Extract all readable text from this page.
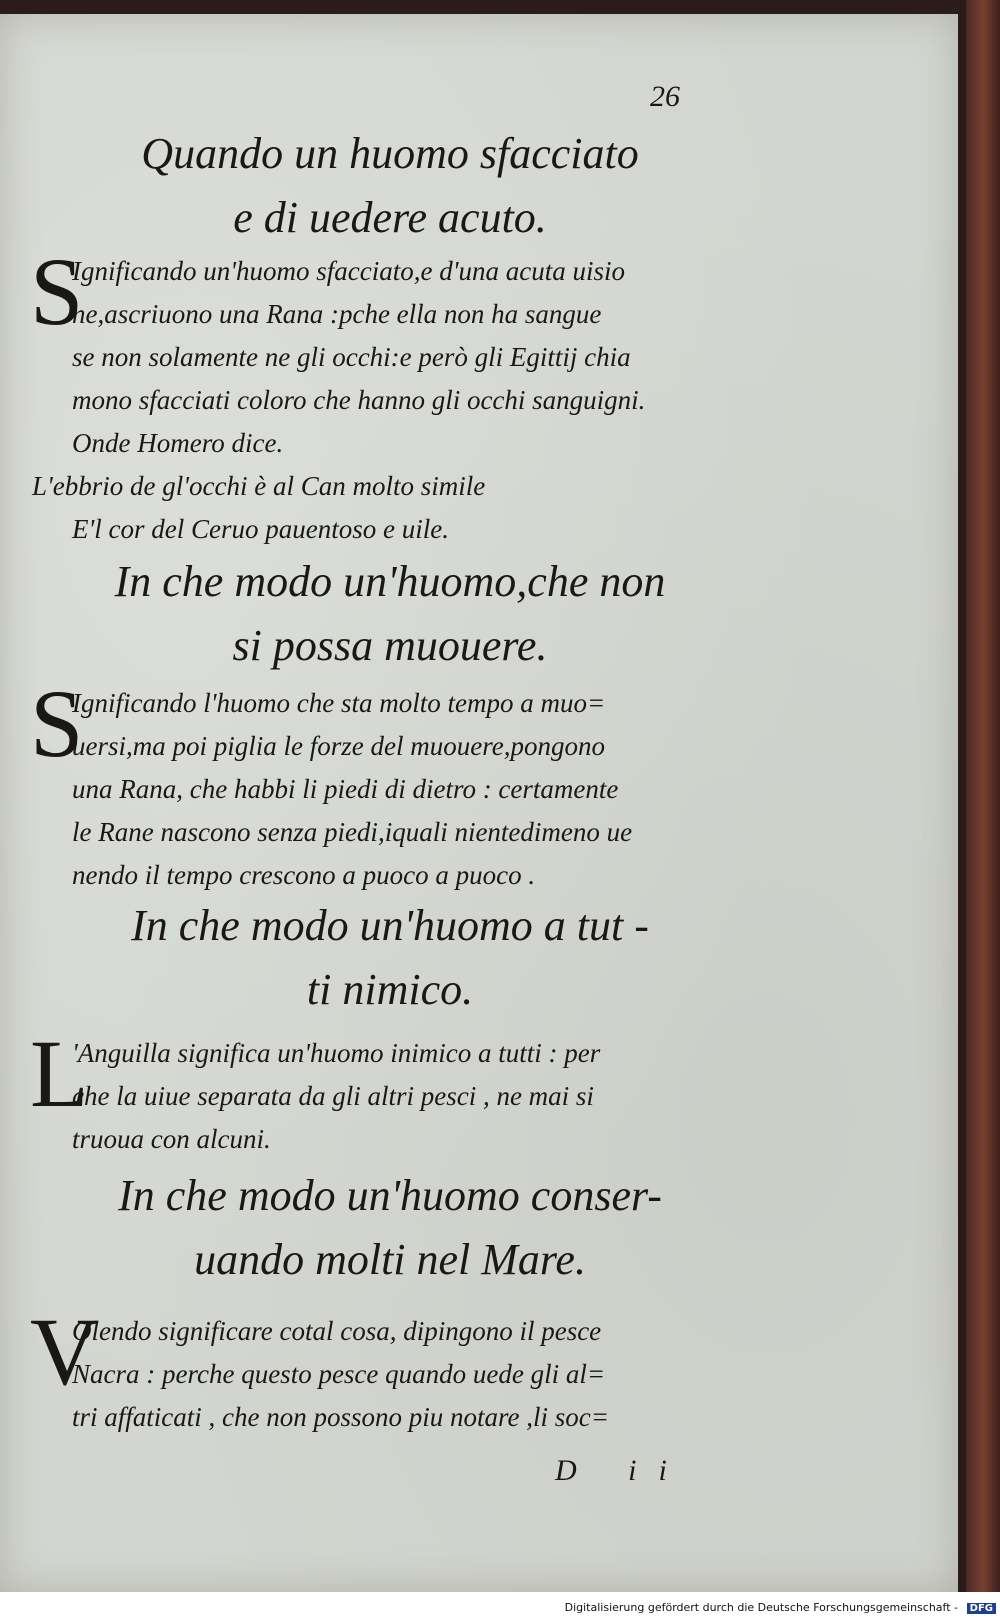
26
Quando un huomo sfacciato
e di uedere acuto.
S
Ignificando un'huomo sfacciato,e d'una acuta uisio
ne,ascriuono una Rana :pche ella non ha sangue
se non solamente ne gli occhi:e però gli Egittij chia
mono sfacciati coloro che hanno gli occhi sanguigni.
Onde Homero dice.
L'ebbrio de gl'occhi è al Can molto simile
E'l cor del Ceruo pauentoso e uile.
In che modo un'huomo,che non
si possa muouere.
S
Ignificando l'huomo che sta molto tempo a muo=
uersi,ma poi piglia le forze del muouere,pongono
una Rana, che habbi li piedi di dietro : certamente
le Rane nascono senza piedi,iquali nientedimeno ue
nendo il tempo crescono a puoco a puoco .
In che modo un'huomo a tut -
ti nimico.
L
'Anguilla significa un'huomo inimico a tutti : per
che la uiue separata da gli altri pesci , ne mai si
truoua con alcuni.
In che modo un'huomo conser-
uando molti nel Mare.
V
Olendo significare cotal cosa, dipingono il pesce
Nacra : perche questo pesce quando uede gli al=
tri affaticati , che non possono piu notare ,li soc=
D ii
Digitalisierung gefördert durch die Deutsche Forschungsgemeinschaft -	DFG
